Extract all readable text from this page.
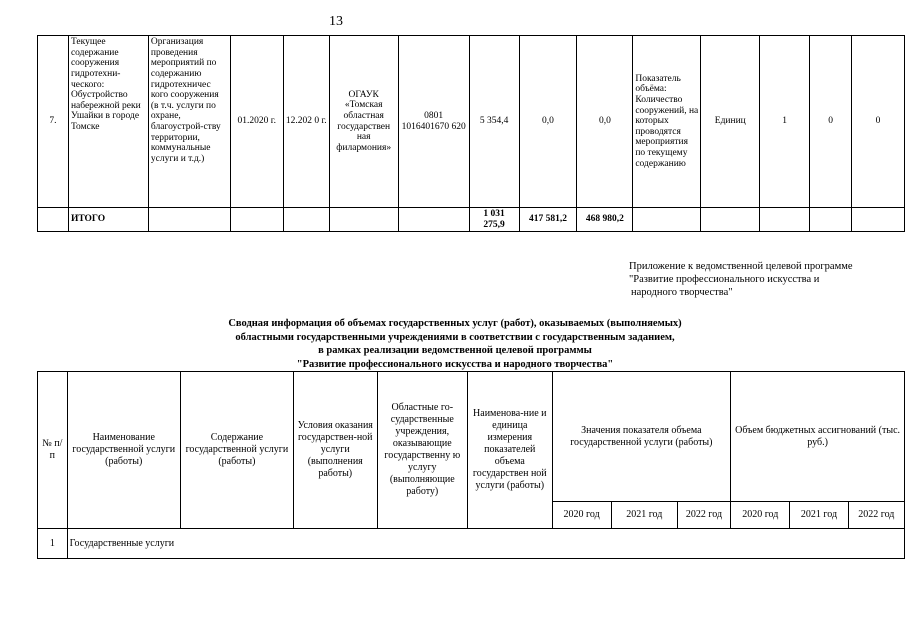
13
7.	Текущее содержание сооружения гидротехни-ческого: Обустройство набережной реки Ушайки в городе Томске	Организация проведения мероприятий по содержанию гидротехничес кого сооружения (в т.ч. услуги по охране, благоустрой-ству территории, коммунальные услуги и т.д.)	01.2020 г.	12.202 0 г.	ОГАУК «Томская областная государствен ная филармония»	0801 1016401670 620	5 354,4	0,0	0,0	Показатель объёма: Количество сооружений, на которых проводятся мероприятия по текущему содержанию	Единиц	1	0	0
	ИТОГО						1 031 275,9	417 581,2	468 980,2					
Приложение к ведомственной целевой программе
"Развитие профессионального искусства и
народного творчества"
Сводная информация об объемах государственных услуг (работ), оказываемых (выполняемых)
областными государственными учреждениями в соответствии с государственным заданием,
в рамках реализации ведомственной целевой программы
"Развитие профессионального искусства и народного творчества"
№ п/п	Наименование государственной услуги (работы)	Содержание государственной услуги (работы)	Условия оказания государствен-ной услуги (выполнения работы)	Областные го-сударственные учреждения, оказывающие государственну ю услугу (выполняющие работу)	Наименова-ние и единица измерения показателей объема государствен ной услуги (работы)	Значения показателя объема государственной услуги (работы)			Объем бюджетных ассигнований (тыс. руб.)		
						2020 год	2021 год	2022 год	2020 год	2021 год	2022 год
1	Государственные услуги										
